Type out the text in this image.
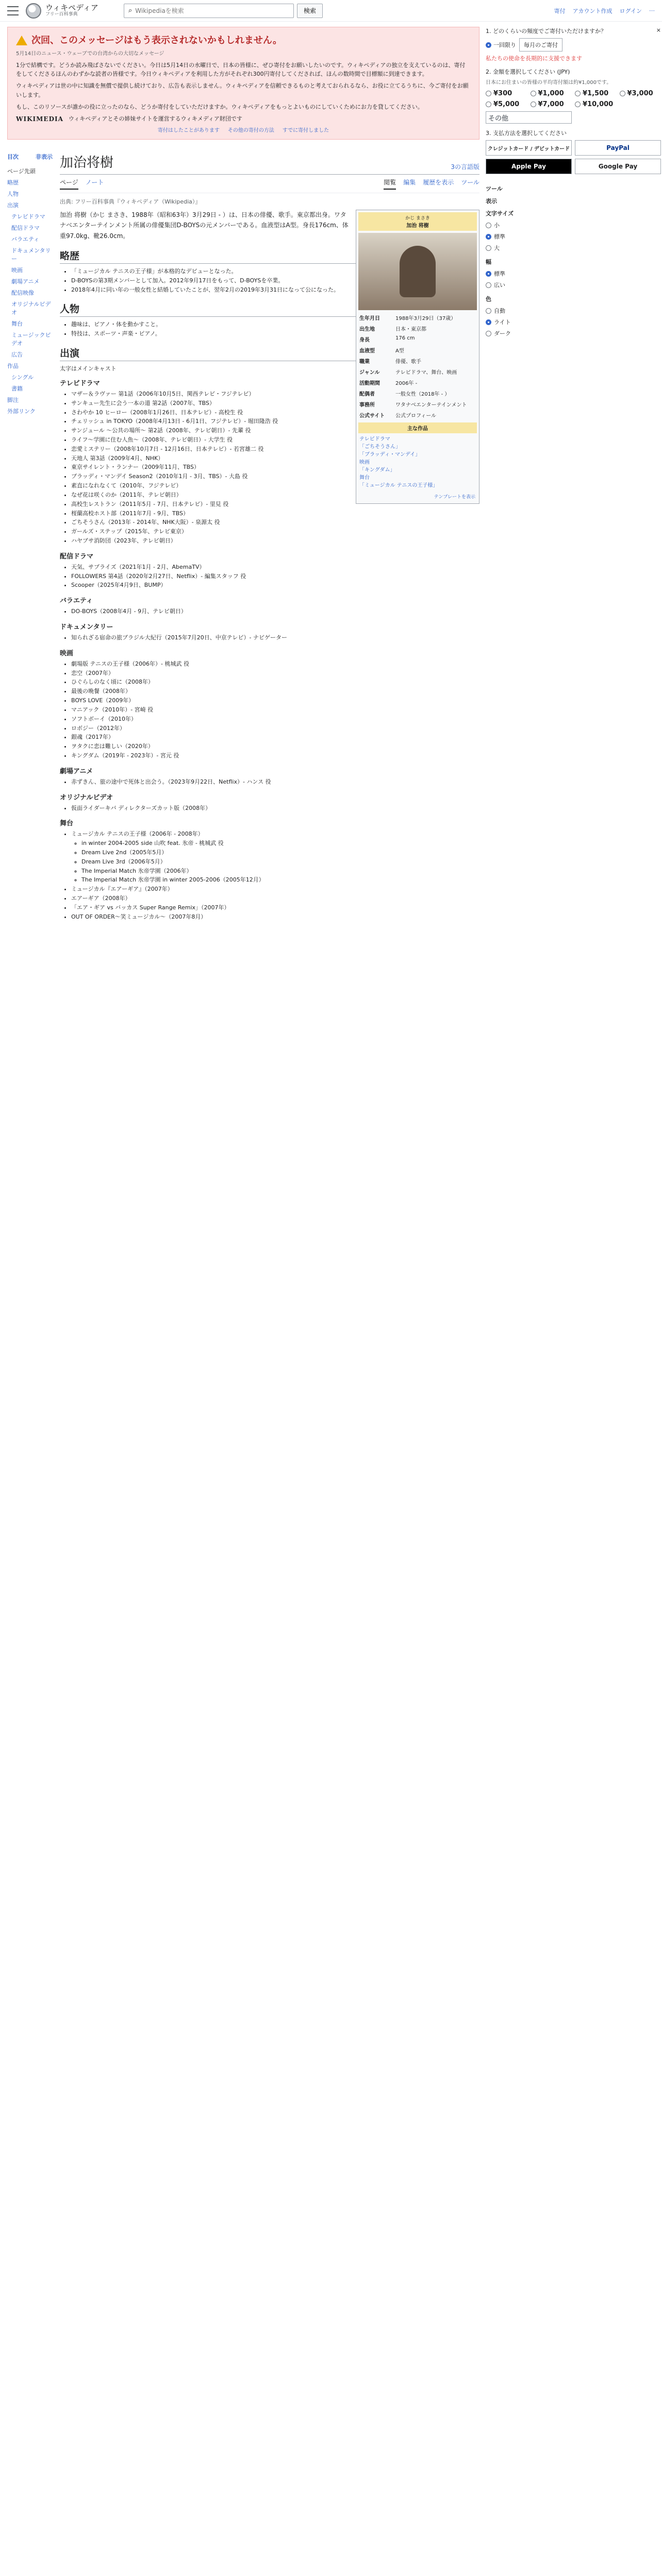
ウィキペディア
フリー百科事典	⌕
Wikipediaを検索	検索	寄付 アカウント作成 ログイン ⋯
次回、このメッセージはもう表示されないかもしれません。
5月14日のニュース・ウェーブでの台湾からの大切なメッセージ

1分で結構です。どうか読み飛ばさないでください。今日は5月14日の水曜日で、日本の皆様に、ぜひ寄付をお願いしたいのです。ウィキペディアの独立を支えているのは、寄付をしてくださるほんのわずかな読者の皆様です。今日ウィキペディアを利用した方がそれぞれ300円寄付してくだされば、ほんの数時間で目標額に到達できます。

ウィキペディアは世の中に知識を無償で提供し続けており、広告も表示しません。ウィキペディアを信頼できるものと考えておられるなら、お役に立てるうちに、今ご寄付をお願いします。

もし、このリソースが誰かの役に立ったのなら、どうか寄付をしていただけますか。ウィキペディアをもっとよいものにしていくためにお力を貸してください。

WIKIMEDIA ウィキペディアとその姉妹サイトを運営するウィキメディア財団です
寄付はしたことがあります その他の寄付の方法 すでに寄付しました
目次	非表示
ページ先頭
略歴
人物
出演
テレビドラマ
配信ドラマ
バラエティ
ドキュメンタリー
映画
劇場アニメ
配信映像
オリジナルビデオ
舞台
ミュージックビデオ
広告
作品
シングル
書籍
脚注
外部リンク
加治将樹	3の言語版
ページ ノート	閲覧 編集 履歴を表示 ツール
出典: フリー百科事典『ウィキペディア（Wikipedia）』
かじ まさき
加治 将樹
生年月日	1988年3月29日（37歳）
出生地	日本・東京都
身長	176 cm
血液型	A型
職業	俳優、歌手
ジャンル	テレビドラマ、舞台、映画
活動期間	2006年 -
配偶者	一般女性（2018年 - ）
事務所	ワタナベエンターテインメント
公式サイト	公式プロフィール
主な作品
テレビドラマ
「ごちそうさん」
「ブラッディ・マンデイ」
映画
「キングダム」
舞台
「ミュージカル テニスの王子様」
テンプレートを表示

加治 将樹（かじ まさき、1988年（昭和63年）3月29日 - ）は、日本の俳優、歌手。東京都出身。ワタナベエンターテインメント所属の俳優集団D-BOYSの元メンバーである。血液型はA型。身長176cm、体重97.0kg、靴26.0cm。

略歴
• 「ミュージカル テニスの王子様」が本格的なデビューとなった。
• D-BOYSの第3期メンバーとして加入。2012年9月17日をもって、D-BOYSを卒業。
• 2018年4月に同い年の一般女性と結婚していたことが、翌年2月の2019年3月31日になって公になった。
人物
• 趣味は、ピアノ・体を動かすこと。
• 特技は、スポーツ・声楽・ピアノ。
出演

太字はメインキャスト

テレビドラマ
• マザー＆ラヴァー 第1話（2006年10月5日、関西テレビ・フジテレビ）
• サンキュー先生に会う一本の道 第2話（2007年、TBS）
• さわやか 10 ヒーロー（2008年1月26日、日本テレビ）- 高校生 役
• チェリッシュ in TOKYO（2008年4月13日 - 6月1日、フジテレビ）- 堀田隆浩 役
• サンジュール ～公共の場所～ 第2話（2008年、テレビ朝日）- 先輩 役
• ライフ～学園に住む人魚～（2008年、テレビ朝日）- 大学生 役
• 恋愛ミステリー（2008年10月7日 - 12月16日、日本テレビ）- 若宮雄二 役
• 天地人 第3話（2009年4月、NHK）
• 東京サイレント・ランナー（2009年11月、TBS）
• ブラッディ・マンデイ Season2（2010年1月 - 3月、TBS）- 大島 役
• 素直になれなくて（2010年、フジテレビ）
• なぜ花は咲くのか（2011年、テレビ朝日）
• 高校生レストラン（2011年5月 - 7月、日本テレビ）- 里見 役
• 桜蘭高校ホスト部（2011年7月 - 9月、TBS）
• ごちそうさん（2013年 - 2014年、NHK大阪）- 泉源太 役
• ガールズ・ステップ（2015年、テレビ東京）
• ハヤブサ消防団（2023年、テレビ朝日）
配信ドラマ
• 天気、サプライズ（2021年1月 - 2月、AbemaTV）
• FOLLOWERS 第4話（2020年2月27日、Netflix）- 編集スタッフ 役
• Scooper（2025年4月9日、BUMP）
バラエティ
• DO-BOYS（2008年4月 - 9月、テレビ朝日）
ドキュメンタリー
• 知られざる宿命の旅ブラジル大紀行（2015年7月20日、中京テレビ）- ナビゲーター
映画
• 劇場版 テニスの王子様（2006年）- 桃城武 役
• 恋空（2007年）
• ひぐらしのなく頃に（2008年）
• 最後の晩餐（2008年）
• BOYS LOVE（2009年）
• マニアック（2010年）- 宮崎 役
• ソフトボーイ（2010年）
• ロボジー（2012年）
• 銀魂（2017年）
• ヲタクに恋は難しい（2020年）
• キングダム（2019年 - 2023年）- 宮元 役
劇場アニメ
• 赤ずきん、旅の途中で死体と出会う。（2023年9月22日、Netflix）- ハンス 役
オリジナルビデオ
• 仮面ライダーキバ ディレクターズカット版（2008年）
舞台
• ミュージカル テニスの王子様（2006年 - 2008年）
◦ in winter 2004-2005 side 山吹 feat. 氷帝 - 桃城武 役
◦ Dream Live 2nd（2005年5月）
◦ Dream Live 3rd（2006年5月）
◦ The Imperial Match 氷帝学園（2006年）
◦ The Imperial Match 氷帝学園 in winter 2005-2006（2005年12月）
• ミュージカル『エアーギア』（2007年）
• エアーギア（2008年）
• 「エア・ギア vs バッカス Super Range Remix」（2007年）
• OUT OF ORDER～笑ミュージカル～（2007年8月）
1. どのくらいの頻度でご寄付いただけますか？	×
一回限り	毎月のご寄付
私たちの使命を長期的に支援できます
2. 金額を選択してください (JPY)
日本にお住まいの皆様の平均寄付額は約¥1,000です。
¥300	¥1,000	¥1,500	¥3,000
¥5,000	¥7,000	¥10,000
その他
3. 支払方法を選択してください
クレジットカード / デビットカード	PayPal
Apple Pay	Google Pay
ツール
表示
文字サイズ
小
標準
大
幅
標準
広い
色
自動
ライト
ダーク
